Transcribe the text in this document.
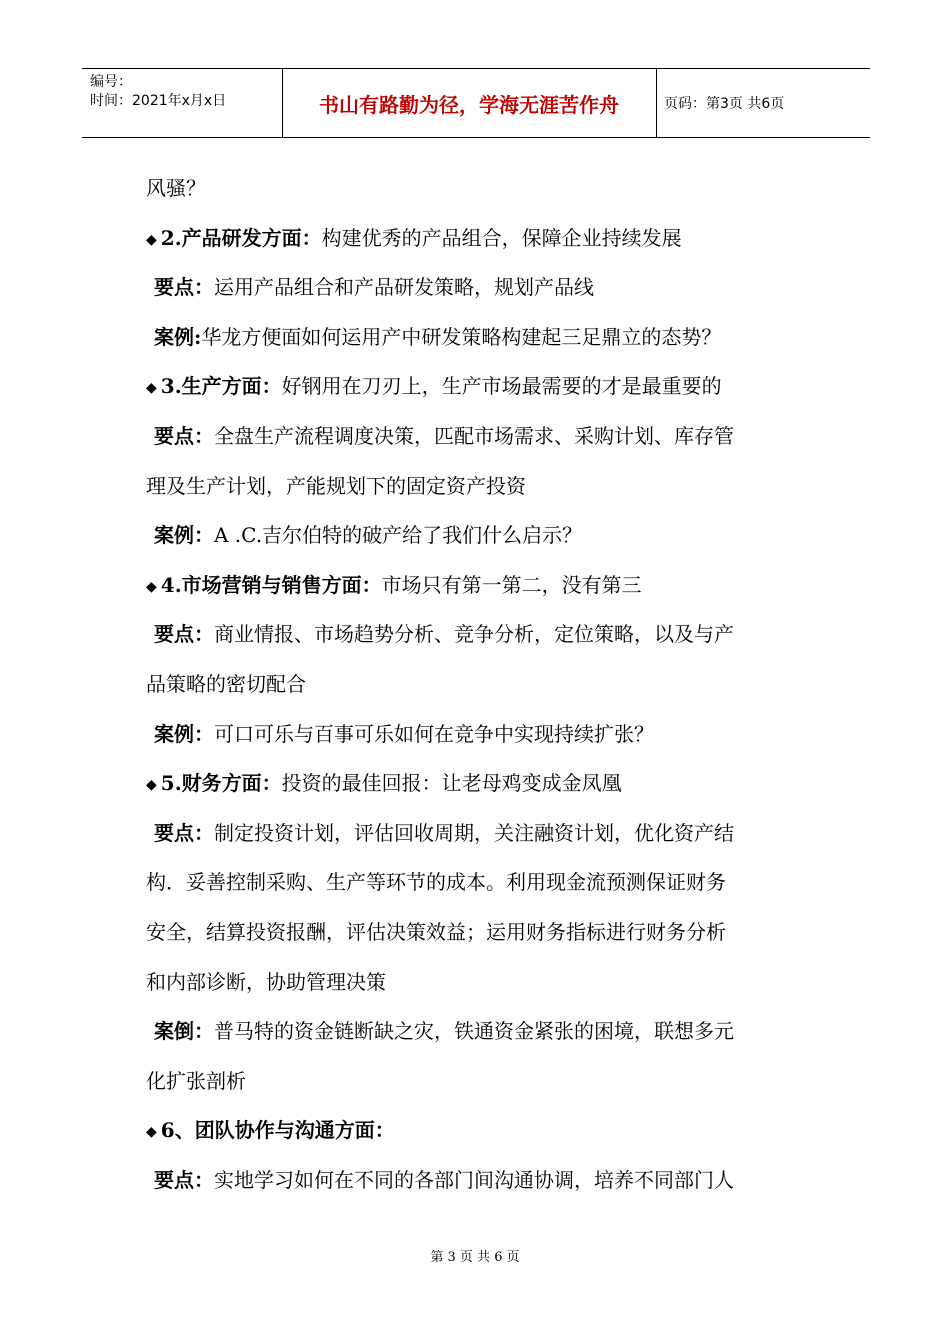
编号：
时间：2021年x月x日	书山有路勤为径，学海无涯苦作舟	页码：第3页 共6页
风骚？
◆ 2.产品研发方面：构建优秀的产品组合，保障企业持续发展
要点：运用产品组合和产品研发策略，规划产品线
案例:华龙方便面如何运用产中研发策略构建起三足鼎立的态势？
◆ 3.生产方面：好钢用在刀刃上，生产市场最需要的才是最重要的
要点：全盘生产流程调度决策，匹配市场需求、采购计划、库存管
理及生产计划，产能规划下的固定资产投资
案例：A .C.吉尔伯特的破产给了我们什么启示？
◆ 4.市场营销与销售方面：市场只有第一第二，没有第三
要点：商业情报、市场趋势分析、竞争分析，定位策略，以及与产
品策略的密切配合
案例：可口可乐与百事可乐如何在竞争中实现持续扩张？
◆ 5.财务方面：投资的最佳回报：让老母鸡变成金凤凰
要点：制定投资计划，评估回收周期，关注融资计划，优化资产结
构．妥善控制采购、生产等环节的成本。利用现金流预测保证财务
安全，结算投资报酬，评估决策效益；运用财务指标进行财务分析
和内部诊断，协助管理决策
案倒：普马特的资金链断缺之灾，铁通资金紧张的困境，联想多元
化扩张剖析
◆ 6、团队协作与沟通方面：
要点：实地学习如何在不同的各部门间沟通协调，培养不同部门人
第 3 页 共 6 页
